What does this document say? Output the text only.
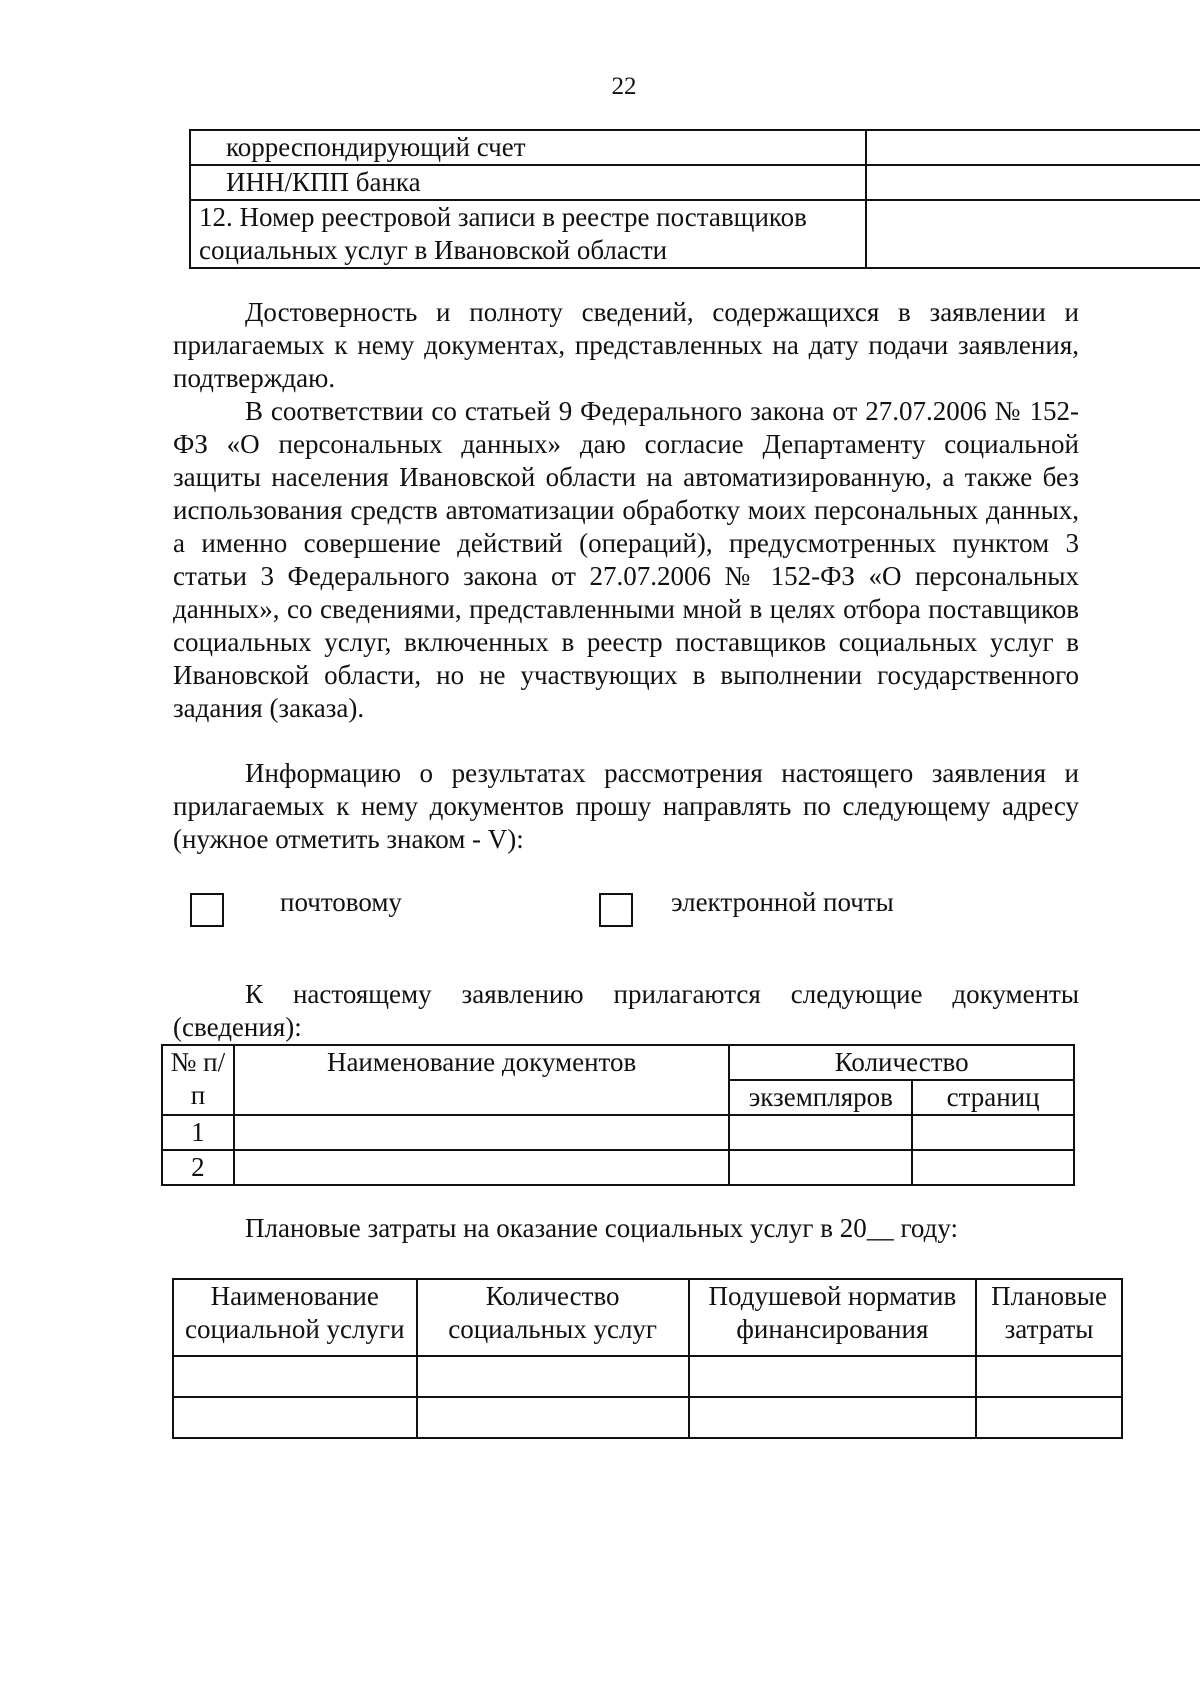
22
корреспондирующий счет	
ИНН/КПП банка	
12. Номер реестровой записи в реестре поставщиков социальных услуг в Ивановской области	
Достоверность и полноту сведений, содержащихся в заявлении и прилагаемых к нему документах, представленных на дату подачи заявления, подтверждаю.
В соответствии со статьей 9 Федерального закона от 27.07.2006 № 152-ФЗ «О персональных данных» даю согласие Департаменту социальной защиты населения Ивановской области на автоматизированную, а также без использования средств автоматизации обработку моих персональных данных, а именно совершение действий (операций), предусмотренных пунктом 3 статьи 3 Федерального закона от 27.07.2006 № 152-ФЗ «О персональных данных», со сведениями, представленными мной в целях отбора поставщиков социальных услуг, включенных в реестр поставщиков социальных услуг в Ивановской области, но не участвующих в выполнении государственного задания (заказа).
Информацию о результатах рассмотрения настоящего заявления и прилагаемых к нему документов прошу направлять по следующему адресу (нужное отметить знаком - V):
почтовому	электронной почты
К настоящему заявлению прилагаются следующие документы (сведения):
№ п/п	Наименование документов	Количество	
		экземпляров	страниц
1			
2			
Плановые затраты на оказание социальных услуг в 20__ году:
Наименование социальной услуги	Количество социальных услуг	Подушевой норматив финансирования	Плановые затраты
